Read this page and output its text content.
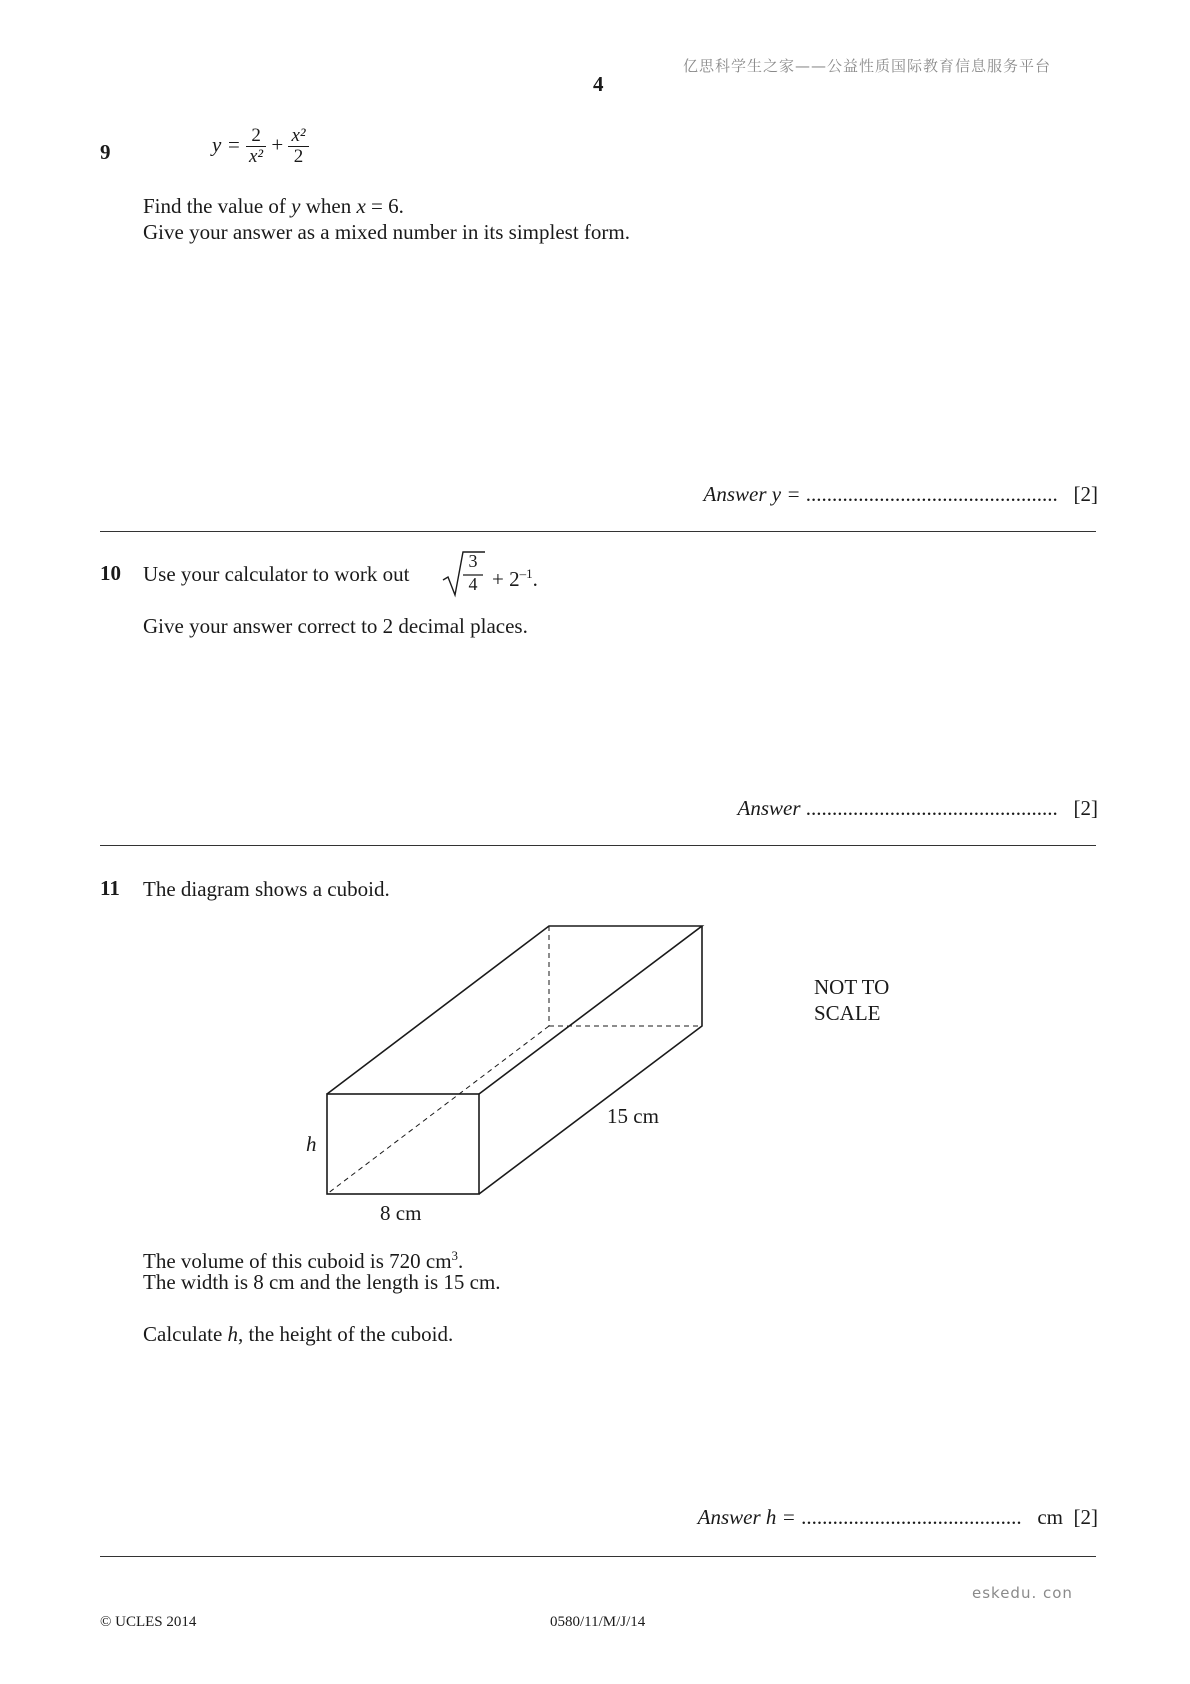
亿思科学生之家——公益性质国际教育信息服务平台
4
9	$y = \frac{2}{\text{x²}} + \frac{\text{x²}}{2}$
Find the value of y when x = 6.
Give your answer as a mixed number in its simplest form.
Answer y = ................................................ [2]
10 Use your calculator to work out
3
$4 + 2^{-1}$.
Give your answer correct to 2 decimal places.
Answer ................................................ [2]
11 The diagram shows a cuboid.
h
8 cm
15 cm
NOT TO
SCALE
The volume of this cuboid is 720 $cm^3$.
The width is 8 cm and the length is 15 cm.
Calculate h, the height of the cuboid.
Answer h = .......................................... cm [2]
eskedu. con
© UCLES 2014	0580/11/M/J/14
